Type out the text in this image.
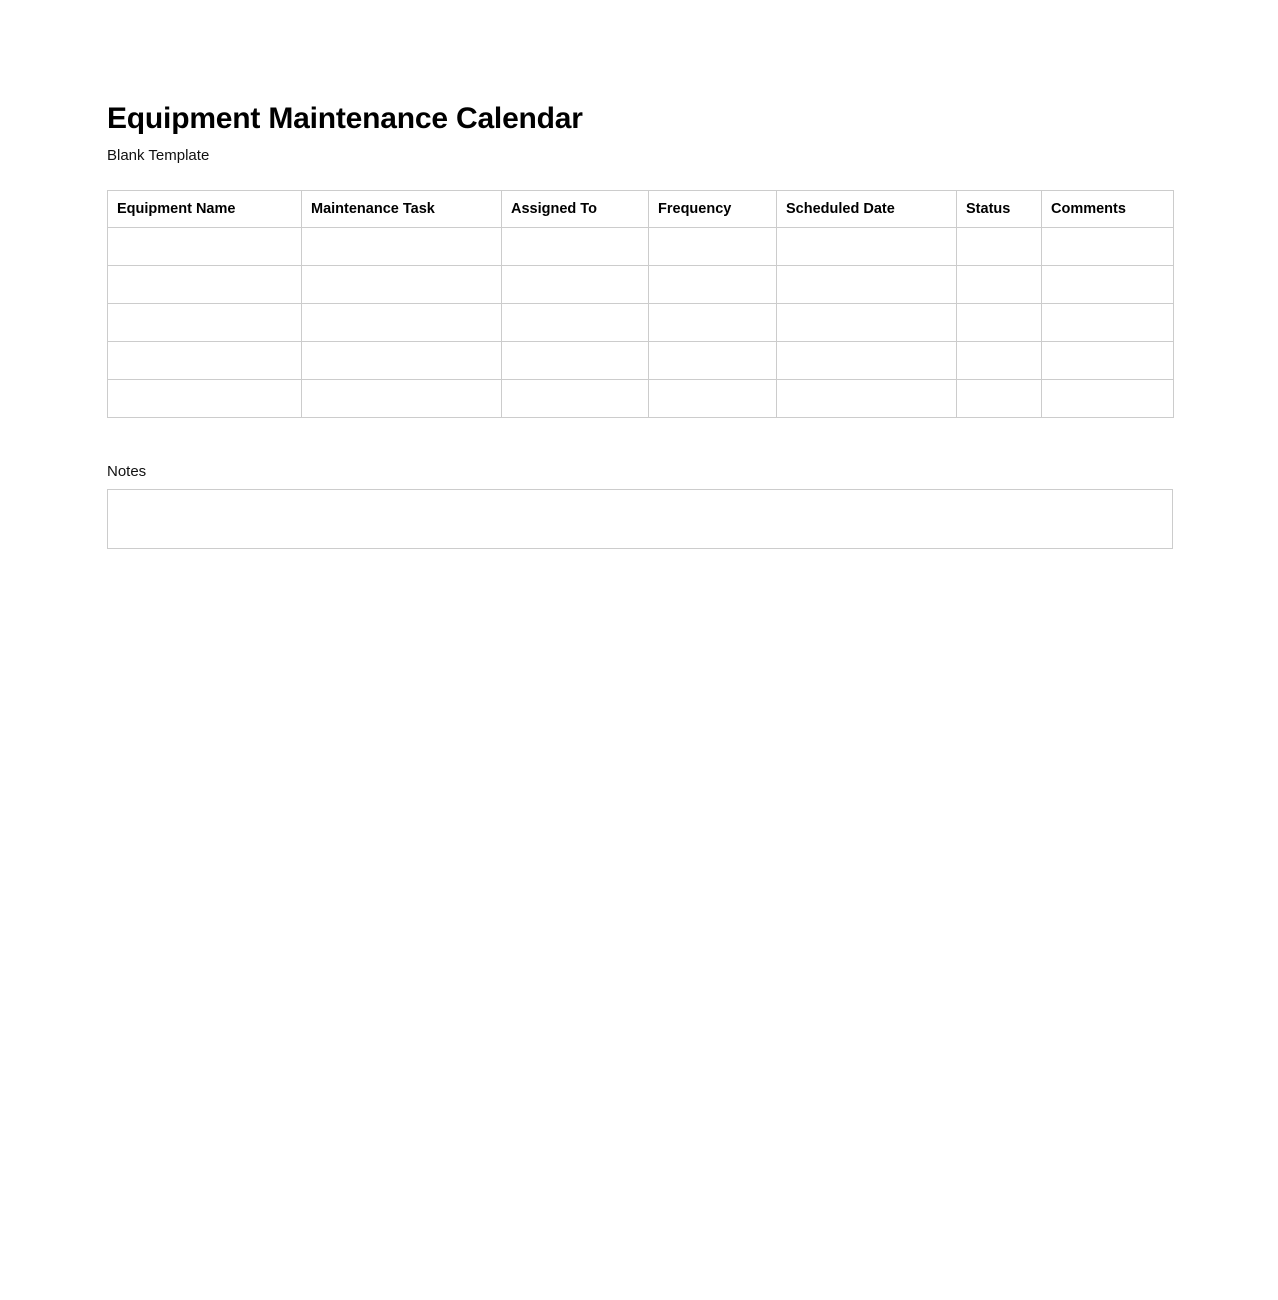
Equipment Maintenance Calendar

Blank Template

Equipment Name	Maintenance Task	Assigned To	Frequency	Scheduled Date	Status	Comments

Notes
